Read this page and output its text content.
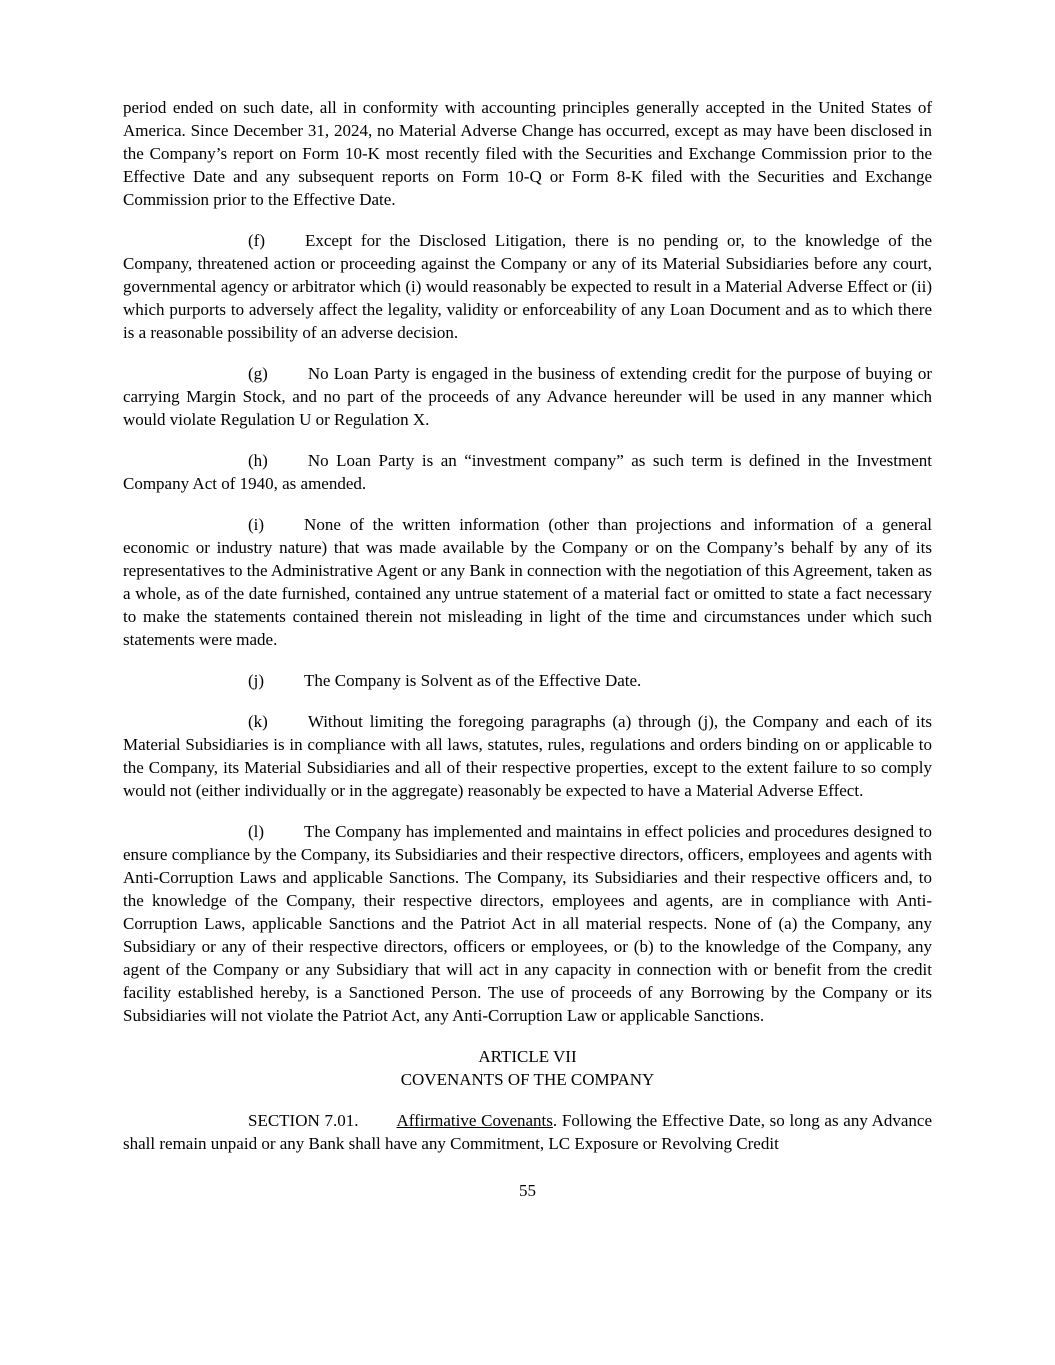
period ended on such date, all in conformity with accounting principles generally accepted in the United States of America. Since December 31, 2024, no Material Adverse Change has occurred, except as may have been disclosed in the Company’s report on Form 10-K most recently filed with the Securities and Exchange Commission prior to the Effective Date and any subsequent reports on Form 10-Q or Form 8-K filed with the Securities and Exchange Commission prior to the Effective Date.

(f) Except for the Disclosed Litigation, there is no pending or, to the knowledge of the Company, threatened action or proceeding against the Company or any of its Material Subsidiaries before any court, governmental agency or arbitrator which (i) would reasonably be expected to result in a Material Adverse Effect or (ii) which purports to adversely affect the legality, validity or enforceability of any Loan Document and as to which there is a reasonable possibility of an adverse decision.

(g) No Loan Party is engaged in the business of extending credit for the purpose of buying or carrying Margin Stock, and no part of the proceeds of any Advance hereunder will be used in any manner which would violate Regulation U or Regulation X.

(h) No Loan Party is an “investment company” as such term is defined in the Investment Company Act of 1940, as amended.

(i) None of the written information (other than projections and information of a general economic or industry nature) that was made available by the Company or on the Company’s behalf by any of its representatives to the Administrative Agent or any Bank in connection with the negotiation of this Agreement, taken as a whole, as of the date furnished, contained any untrue statement of a material fact or omitted to state a fact necessary to make the statements contained therein not misleading in light of the time and circumstances under which such statements were made.

(j) The Company is Solvent as of the Effective Date.

(k) Without limiting the foregoing paragraphs (a) through (j), the Company and each of its Material Subsidiaries is in compliance with all laws, statutes, rules, regulations and orders binding on or applicable to the Company, its Material Subsidiaries and all of their respective properties, except to the extent failure to so comply would not (either individually or in the aggregate) reasonably be expected to have a Material Adverse Effect.

(l) The Company has implemented and maintains in effect policies and procedures designed to ensure compliance by the Company, its Subsidiaries and their respective directors, officers, employees and agents with Anti-Corruption Laws and applicable Sanctions. The Company, its Subsidiaries and their respective officers and, to the knowledge of the Company, their respective directors, employees and agents, are in compliance with Anti-Corruption Laws, applicable Sanctions and the Patriot Act in all material respects. None of (a) the Company, any Subsidiary or any of their respective directors, officers or employees, or (b) to the knowledge of the Company, any agent of the Company or any Subsidiary that will act in any capacity in connection with or benefit from the credit facility established hereby, is a Sanctioned Person. The use of proceeds of any Borrowing by the Company or its Subsidiaries will not violate the Patriot Act, any Anti-Corruption Law or applicable Sanctions.

ARTICLE VII
COVENANTS OF THE COMPANY

SECTION 7.01. Affirmative Covenants. Following the Effective Date, so long as any Advance shall remain unpaid or any Bank shall have any Commitment, LC Exposure or Revolving Credit

55
